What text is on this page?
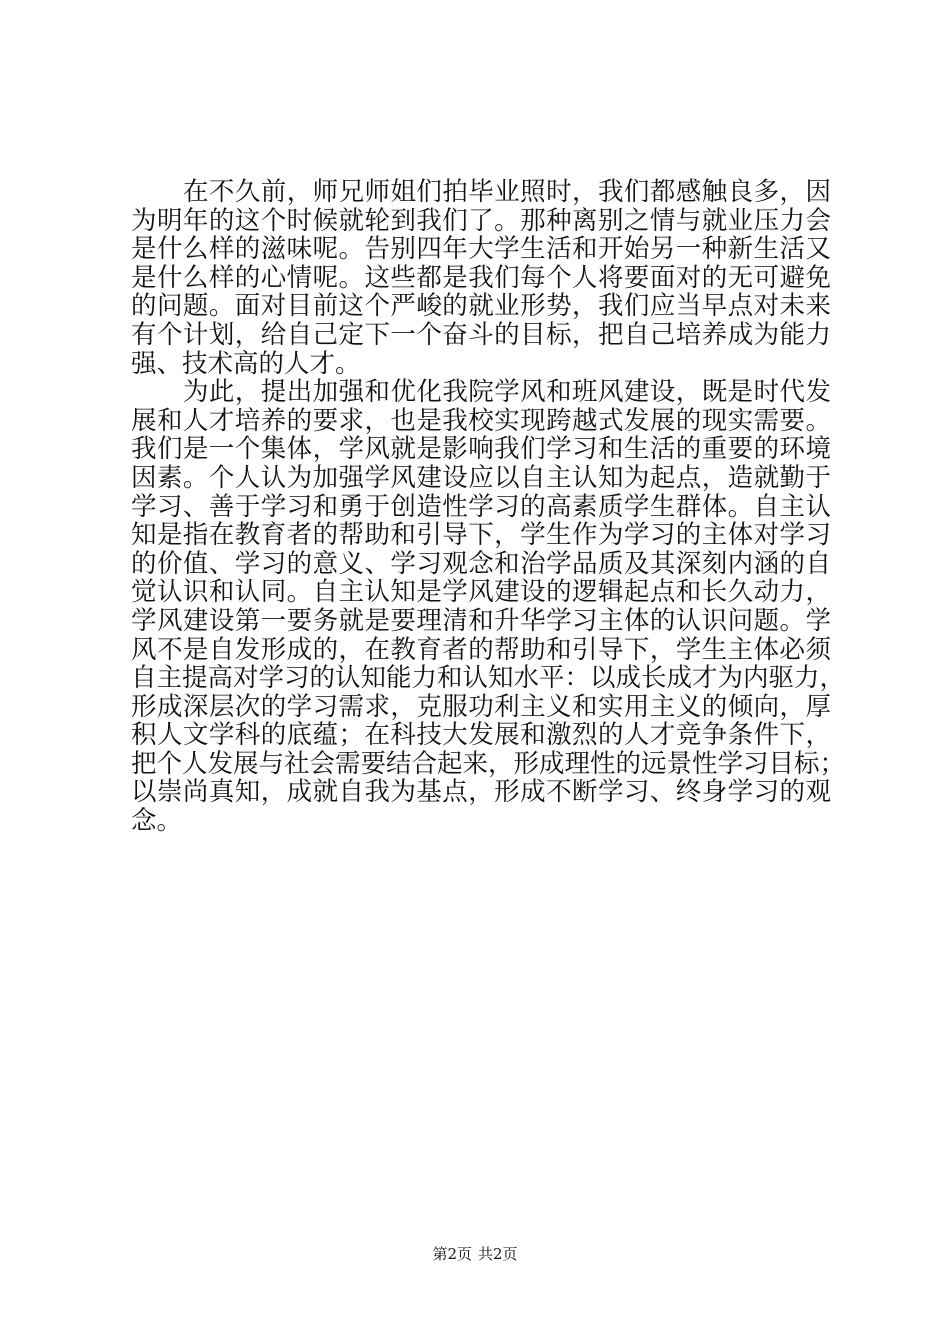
在不久前，师兄师姐们拍毕业照时，我们都感触良多，因
为明年的这个时候就轮到我们了。那种离别之情与就业压力会
是什么样的滋味呢。告别四年大学生活和开始另一种新生活又
是什么样的心情呢。这些都是我们每个人将要面对的无可避免
的问题。面对目前这个严峻的就业形势，我们应当早点对未来
有个计划，给自己定下一个奋斗的目标，把自己培养成为能力
强、技术高的人才。
为此，提出加强和优化我院学风和班风建设，既是时代发
展和人才培养的要求，也是我校实现跨越式发展的现实需要。
我们是一个集体，学风就是影响我们学习和生活的重要的环境
因素。个人认为加强学风建设应以自主认知为起点，造就勤于
学习、善于学习和勇于创造性学习的高素质学生群体。自主认
知是指在教育者的帮助和引导下，学生作为学习的主体对学习
的价值、学习的意义、学习观念和治学品质及其深刻内涵的自
觉认识和认同。自主认知是学风建设的逻辑起点和长久动力，
学风建设第一要务就是要理清和升华学习主体的认识问题。学
风不是自发形成的，在教育者的帮助和引导下，学生主体必须
自主提高对学习的认知能力和认知水平：以成长成才为内驱力，
形成深层次的学习需求，克服功利主义和实用主义的倾向，厚
积人文学科的底蕴；在科技大发展和激烈的人才竞争条件下，
把个人发展与社会需要结合起来，形成理性的远景性学习目标；
以崇尚真知，成就自我为基点，形成不断学习、终身学习的观
念。
第2页 共2页
